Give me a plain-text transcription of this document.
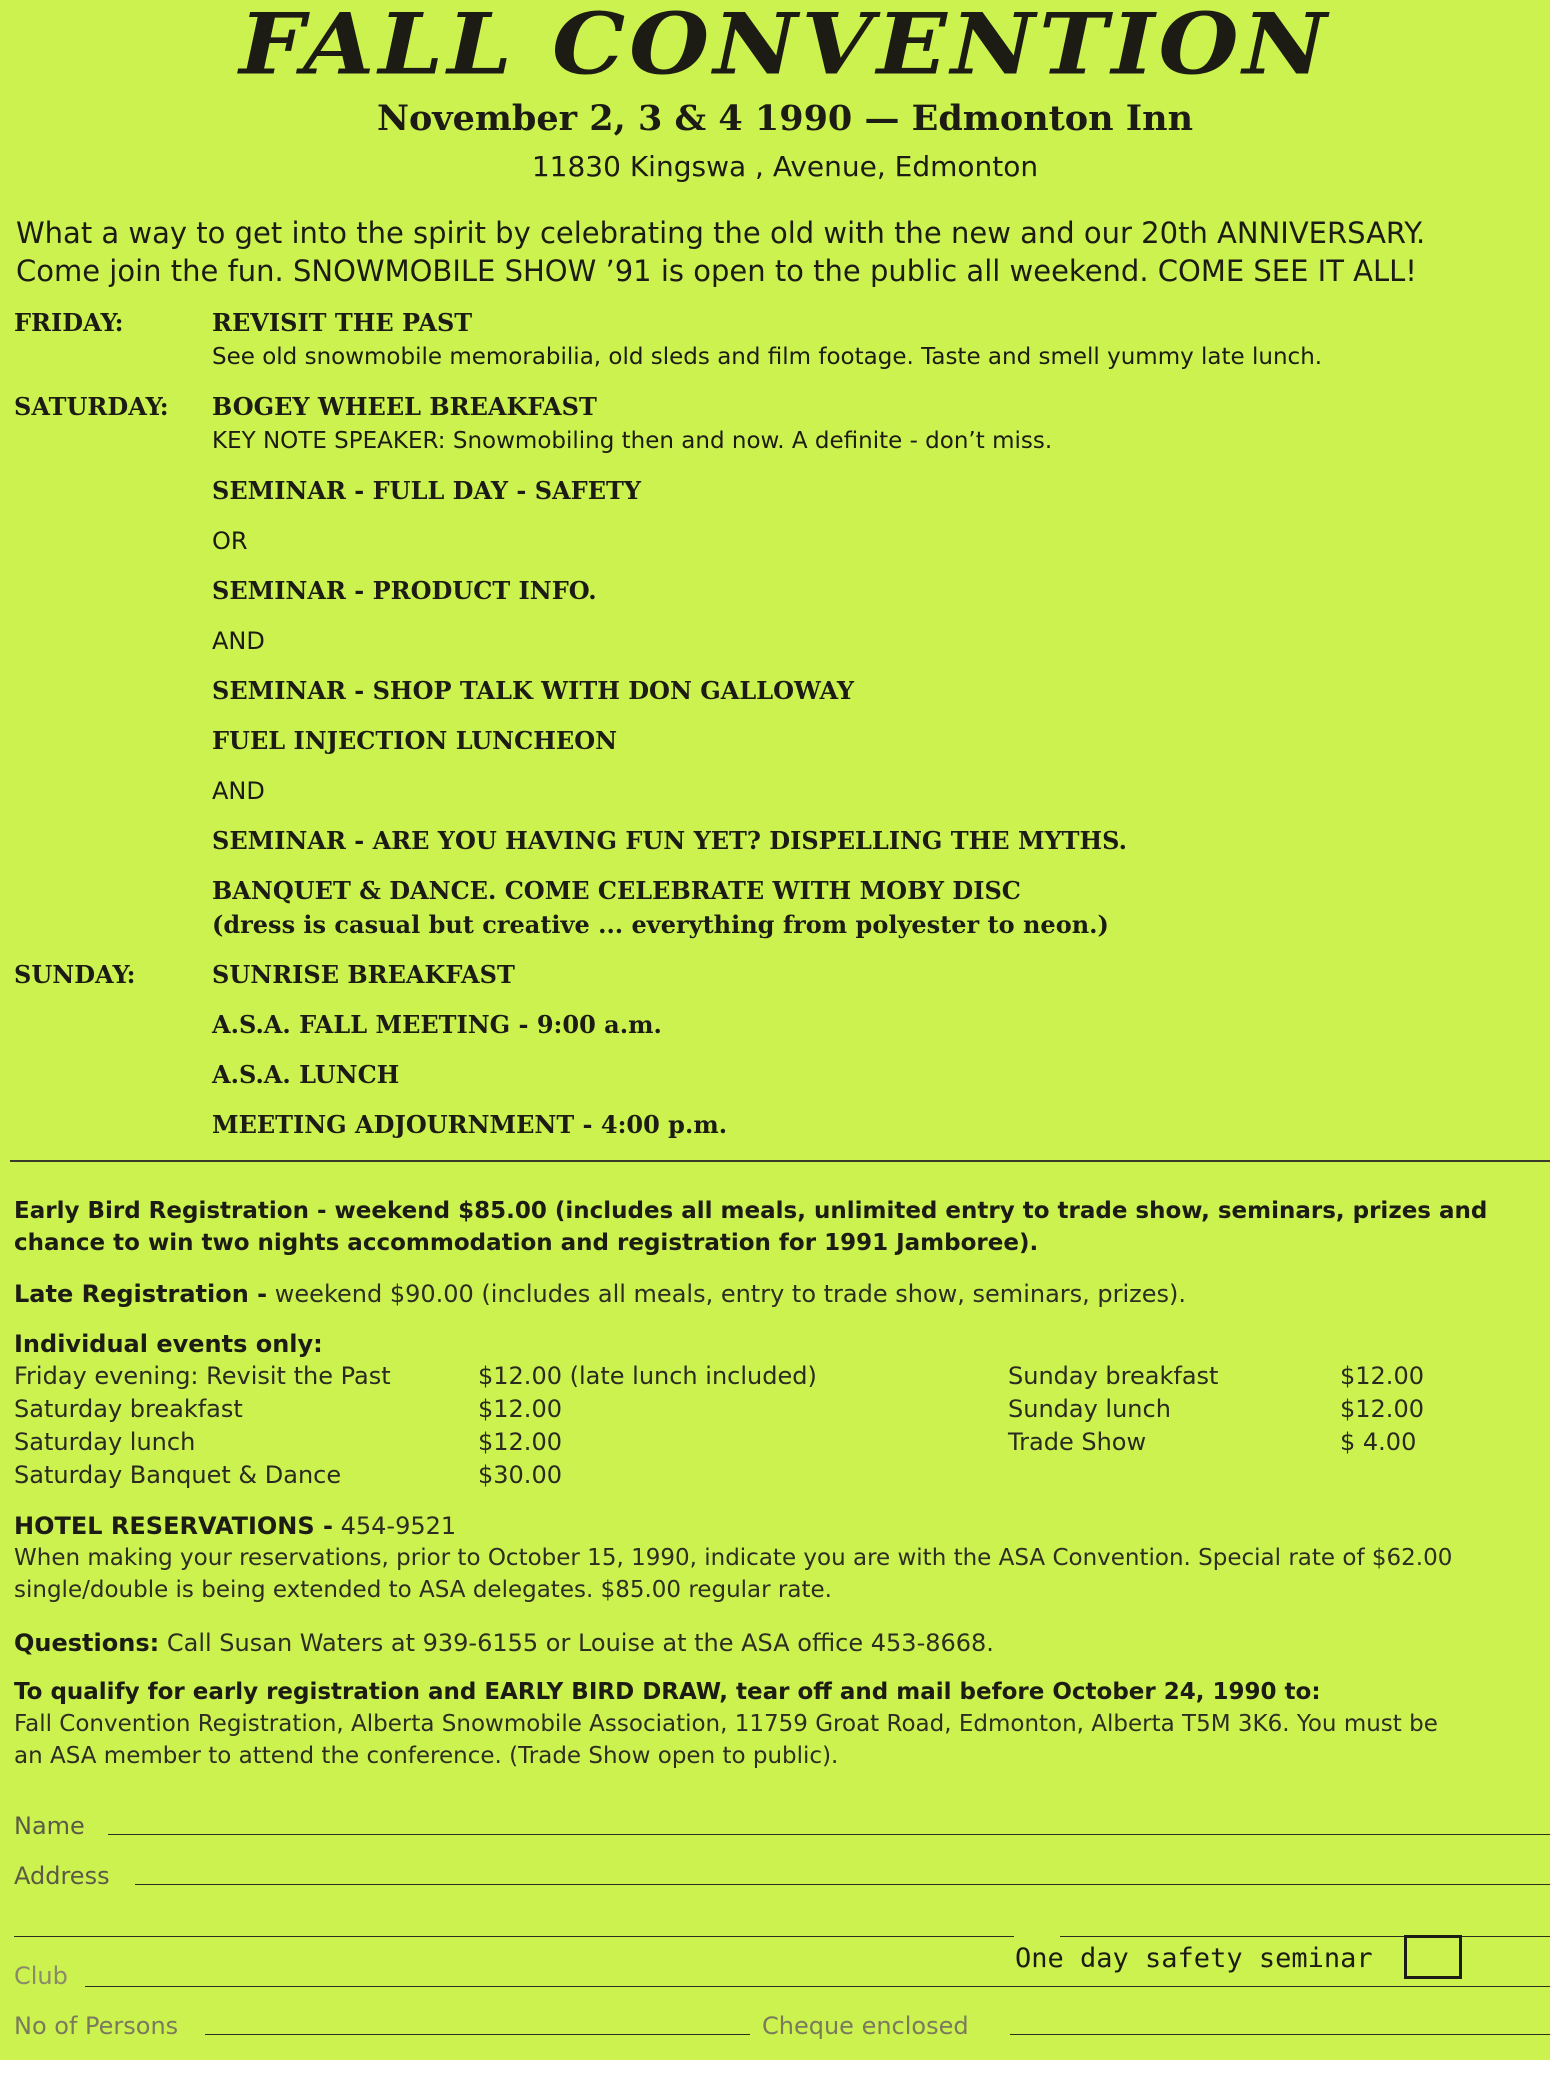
FALL CONVENTION
November 2, 3 & 4 1990 — Edmonton Inn
11830 Kingswa , Avenue, Edmonton
What a way to get into the spirit by celebrating the old with the new and our 20th ANNIVERSARY.
Come join the fun. SNOWMOBILE SHOW ’91 is open to the public all weekend. COME SEE IT ALL!
FRIDAY:	REVISIT THE PAST
See old snowmobile memorabilia, old sleds and film footage. Taste and smell yummy late lunch.
SATURDAY: BOGEY WHEEL BREAKFAST
KEY NOTE SPEAKER: Snowmobiling then and now. A definite - don’t miss.
SEMINAR - FULL DAY - SAFETY
OR
SEMINAR - PRODUCT INFO.
AND
SEMINAR - SHOP TALK WITH DON GALLOWAY
FUEL INJECTION LUNCHEON
AND
SEMINAR - ARE YOU HAVING FUN YET? DISPELLING THE MYTHS.
BANQUET & DANCE. COME CELEBRATE WITH MOBY DISC
(dress is casual but creative ... everything from polyester to neon.)
SUNDAY:	SUNRISE BREAKFAST
A.S.A. FALL MEETING - 9:00 a.m.
A.S.A. LUNCH
MEETING ADJOURNMENT - 4:00 p.m.
Early Bird Registration - weekend $85.00 (includes all meals, unlimited entry to trade show, seminars, prizes and
chance to win two nights accommodation and registration for 1991 Jamboree).
Late Registration - weekend $90.00 (includes all meals, entry to trade show, seminars, prizes).
Individual events only:
Friday evening: Revisit the Past	$12.00 (late lunch included)
Saturday breakfast	$12.00
Saturday lunch	$12.00
Saturday Banquet & Dance	$30.00
Sunday breakfast	$12.00
Sunday lunch	$12.00
Trade Show	$ 4.00
HOTEL RESERVATIONS - 454-9521
When making your reservations, prior to October 15, 1990, indicate you are with the ASA Convention. Special rate of $62.00
single/double is being extended to ASA delegates. $85.00 regular rate.
Questions: Call Susan Waters at 939-6155 or Louise at the ASA office 453-8668.
To qualify for early registration and EARLY BIRD DRAW, tear off and mail before October 24, 1990 to:
Fall Convention Registration, Alberta Snowmobile Association, 11759 Groat Road, Edmonton, Alberta T5M 3K6. You must be
an ASA member to attend the conference. (Trade Show open to public).
Name
Address
One day safety seminar
Club
No of Persons	Cheque enclosed
